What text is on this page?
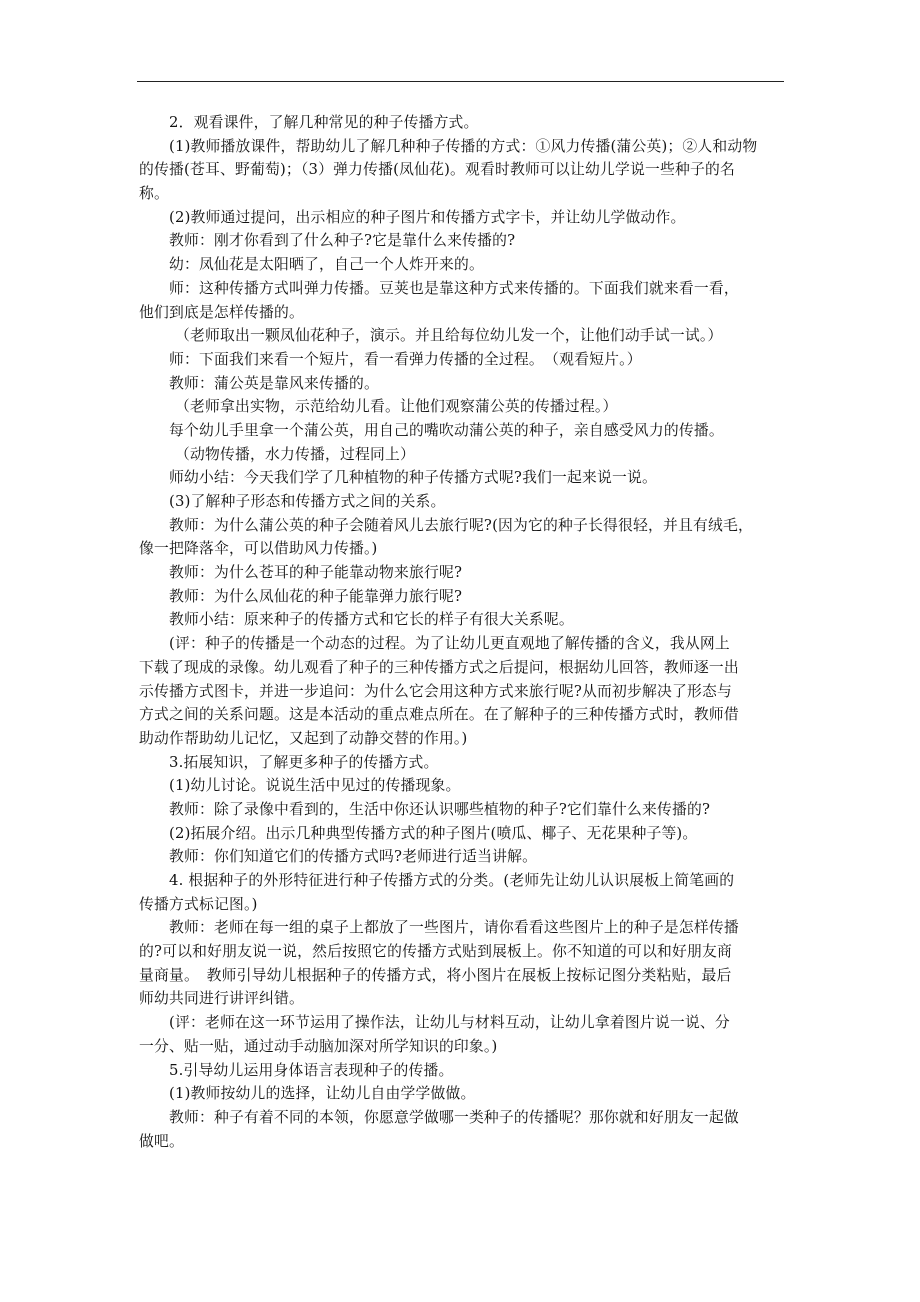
2．观看课件，了解几种常见的种子传播方式。
(1)教师播放课件，帮助幼儿了解几种种子传播的方式：①风力传播(蒲公英)；②人和动物
的传播(苍耳、野葡萄)；（3）弹力传播(凤仙花)。观看时教师可以让幼儿学说一些种子的名
称。
(2)教师通过提问，出示相应的种子图片和传播方式字卡，并让幼儿学做动作。
教师：刚才你看到了什么种子?它是靠什么来传播的?
幼：凤仙花是太阳晒了，自己一个人炸开来的。
师：这种传播方式叫弹力传播。豆荚也是靠这种方式来传播的。下面我们就来看一看，
他们到底是怎样传播的。
（老师取出一颗凤仙花种子，演示。并且给每位幼儿发一个，让他们动手试一试。）
师：下面我们来看一个短片，看一看弹力传播的全过程。　（观看短片。）
教师：蒲公英是靠风来传播的。
（老师拿出实物，示范给幼儿看。让他们观察蒲公英的传播过程。）
每个幼儿手里拿一个蒲公英，用自己的嘴吹动蒲公英的种子，亲自感受风力的传播。
（动物传播，水力传播，过程同上）
师幼小结：今天我们学了几种植物的种子传播方式呢?我们一起来说一说。
(3)了解种子形态和传播方式之间的关系。
教师：为什么蒲公英的种子会随着风儿去旅行呢?(因为它的种子长得很轻，并且有绒毛，
像一把降落伞，可以借助风力传播。)
教师：为什么苍耳的种子能靠动物来旅行呢?
教师：为什么凤仙花的种子能靠弹力旅行呢?
教师小结：原来种子的传播方式和它长的样子有很大关系呢。
(评：种子的传播是一个动态的过程。为了让幼儿更直观地了解传播的含义，我从网上
下载了现成的录像。幼儿观看了种子的三种传播方式之后提问，根据幼儿回答，教师逐一出
示传播方式图卡，并进一步追问：为什么它会用这种方式来旅行呢?从而初步解决了形态与
方式之间的关系问题。这是本活动的重点难点所在。在了解种子的三种传播方式时，教师借
助动作帮助幼儿记忆，又起到了动静交替的作用。)
3.拓展知识，了解更多种子的传播方式。
(1)幼儿讨论。说说生活中见过的传播现象。
教师：除了录像中看到的，生活中你还认识哪些植物的种子?它们靠什么来传播的?
(2)拓展介绍。出示几种典型传播方式的种子图片(喷瓜、椰子、无花果种子等)。
教师：你们知道它们的传播方式吗?老师进行适当讲解。
4. 根据种子的外形特征进行种子传播方式的分类。(老师先让幼儿认识展板上简笔画的
传播方式标记图。)
教师：老师在每一组的桌子上都放了一些图片，请你看看这些图片上的种子是怎样传播
的?可以和好朋友说一说，然后按照它的传播方式贴到展板上。你不知道的可以和好朋友商
量商量。　教师引导幼儿根据种子的传播方式，将小图片在展板上按标记图分类粘贴，最后
师幼共同进行讲评纠错。
(评：老师在这一环节运用了操作法，让幼儿与材料互动，让幼儿拿着图片说一说、分
一分、贴一贴，通过动手动脑加深对所学知识的印象。)
5.引导幼儿运用身体语言表现种子的传播。
(1)教师按幼儿的选择，让幼儿自由学学做做。
教师：种子有着不同的本领，你愿意学做哪一类种子的传播呢？那你就和好朋友一起做
做吧。
